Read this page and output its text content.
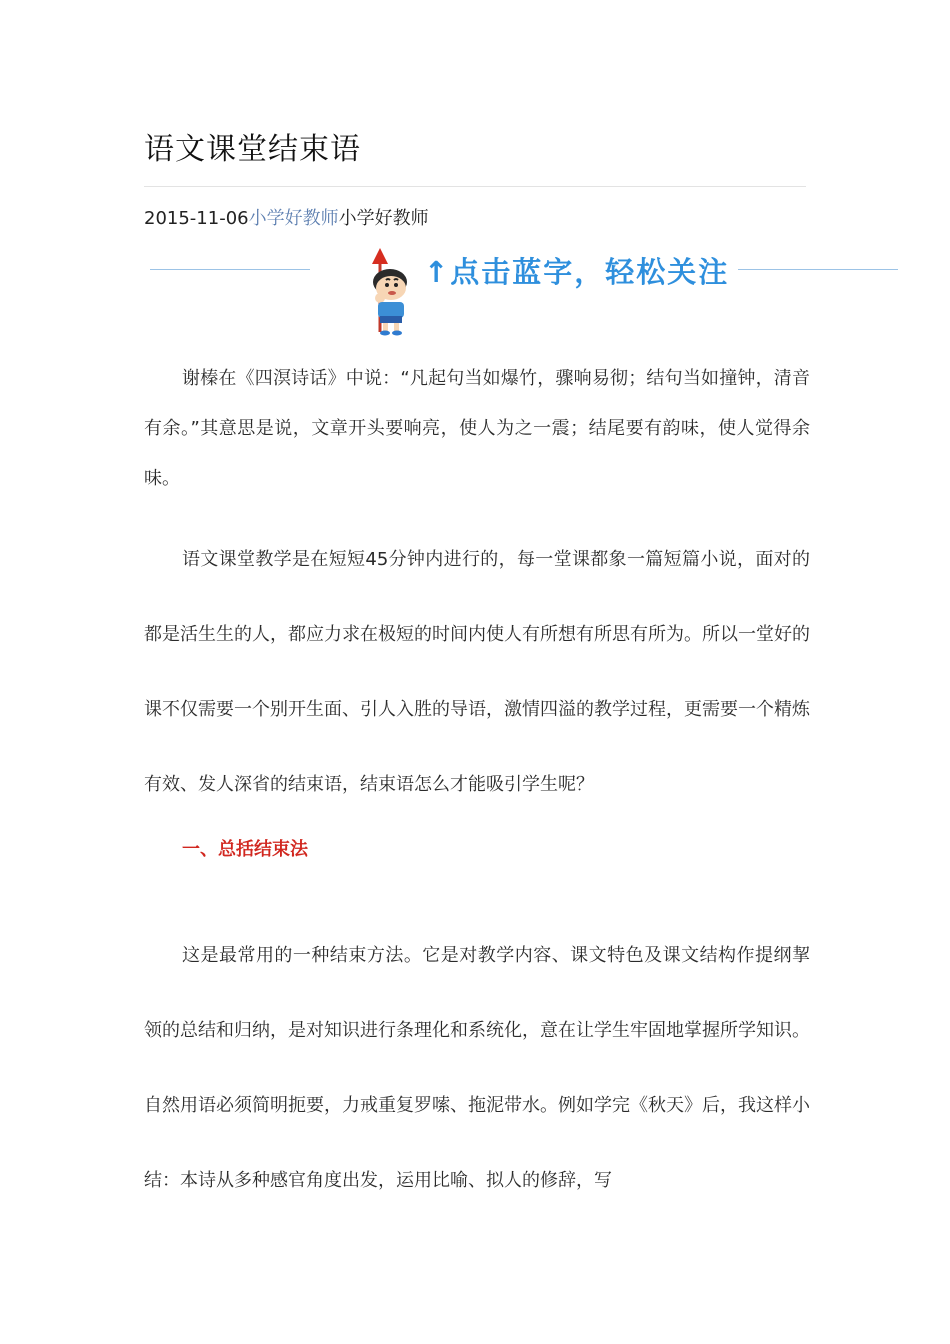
语文课堂结束语
2015-11-06小学好教师小学好教师
↑点击蓝字，轻松关注

谢榛在《四溟诗话》中说：“凡起句当如爆竹，骤响易彻；结句当如撞钟，清音有余。”其意思是说，文章开头要响亮，使人为之一震；结尾要有韵味，使人觉得余味。

语文课堂教学是在短短45分钟内进行的，每一堂课都象一篇短篇小说，面对的都是活生生的人，都应力求在极短的时间内使人有所想有所思有所为。所以一堂好的课不仅需要一个别开生面、引人入胜的导语，激情四溢的教学过程，更需要一个精炼有效、发人深省的结束语，结束语怎么才能吸引学生呢？

一、总括结束法

这是最常用的一种结束方法。它是对教学内容、课文特色及课文结构作提纲挈领的总结和归纳，是对知识进行条理化和系统化，意在让学生牢固地掌握所学知识。自然用语必须简明扼要，力戒重复罗嗦、拖泥带水。例如学完《秋天》后，我这样小结：本诗从多种感官角度出发，运用比喻、拟人的修辞，写
